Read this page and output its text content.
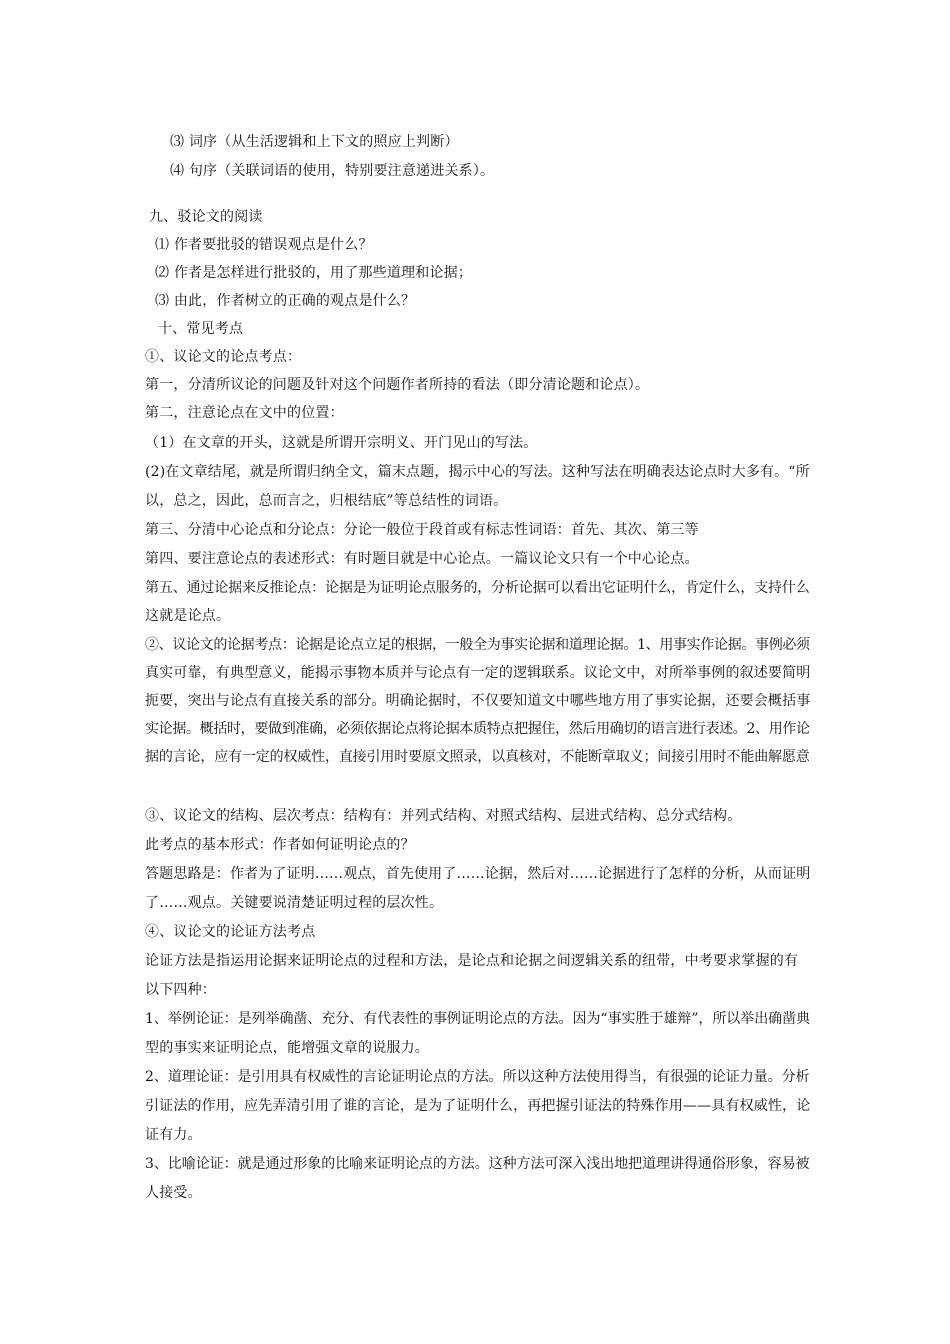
⑶ 词序（从生活逻辑和上下文的照应上判断）
⑷ 句序（关联词语的使用，特别要注意递进关系）。
九、驳论文的阅读
⑴ 作者要批驳的错误观点是什么？
⑵ 作者是怎样进行批驳的，用了那些道理和论据；
⑶ 由此，作者树立的正确的观点是什么？
十、常见考点
①、议论文的论点考点：
第一，分清所议论的问题及针对这个问题作者所持的看法（即分清论题和论点）。
第二，注意论点在文中的位置：
（1）在文章的开头，这就是所谓开宗明义、开门见山的写法。
(2)在文章结尾，就是所谓归纳全文，篇末点题，揭示中心的写法。这种写法在明确表达论点时大多有。“所
以，总之，因此，总而言之，归根结底”等总结性的词语。
第三、分清中心论点和分论点：分论一般位于段首或有标志性词语：首先、其次、第三等
第四、要注意论点的表述形式：有时题目就是中心论点。一篇议论文只有一个中心论点。
第五、通过论据来反推论点：论据是为证明论点服务的，分析论据可以看出它证明什么，肯定什么，支持什么
这就是论点。
②、议论文的论据考点：论据是论点立足的根据，一般全为事实论据和道理论据。1、用事实作论据。事例必须
真实可靠，有典型意义，能揭示事物本质并与论点有一定的逻辑联系。议论文中，对所举事例的叙述要简明
扼要，突出与论点有直接关系的部分。明确论据时，不仅要知道文中哪些地方用了事实论据，还要会概括事
实论据。概括时，要做到准确，必须依据论点将论据本质特点把握住，然后用确切的语言进行表述。2、用作论
据的言论，应有一定的权威性，直接引用时要原文照录，以真核对，不能断章取义；间接引用时不能曲解愿意
③、议论文的结构、层次考点：结构有：并列式结构、对照式结构、层进式结构、总分式结构。
此考点的基本形式：作者如何证明论点的？
答题思路是：作者为了证明……观点，首先使用了……论据，然后对……论据进行了怎样的分析，从而证明
了……观点。关键要说清楚证明过程的层次性。
④、议论文的论证方法考点
论证方法是指运用论据来证明论点的过程和方法，是论点和论据之间逻辑关系的纽带，中考要求掌握的有
以下四种：
1、举例论证：是列举确凿、充分、有代表性的事例证明论点的方法。因为“事实胜于雄辩”，所以举出确凿典
型的事实来证明论点，能增强文章的说服力。
2、道理论证：是引用具有权威性的言论证明论点的方法。所以这种方法使用得当，有很强的论证力量。分析
引证法的作用，应先弄清引用了谁的言论，是为了证明什么，再把握引证法的特殊作用——具有权威性，论
证有力。
3、比喻论证：就是通过形象的比喻来证明论点的方法。这种方法可深入浅出地把道理讲得通俗形象，容易被
人接受。
